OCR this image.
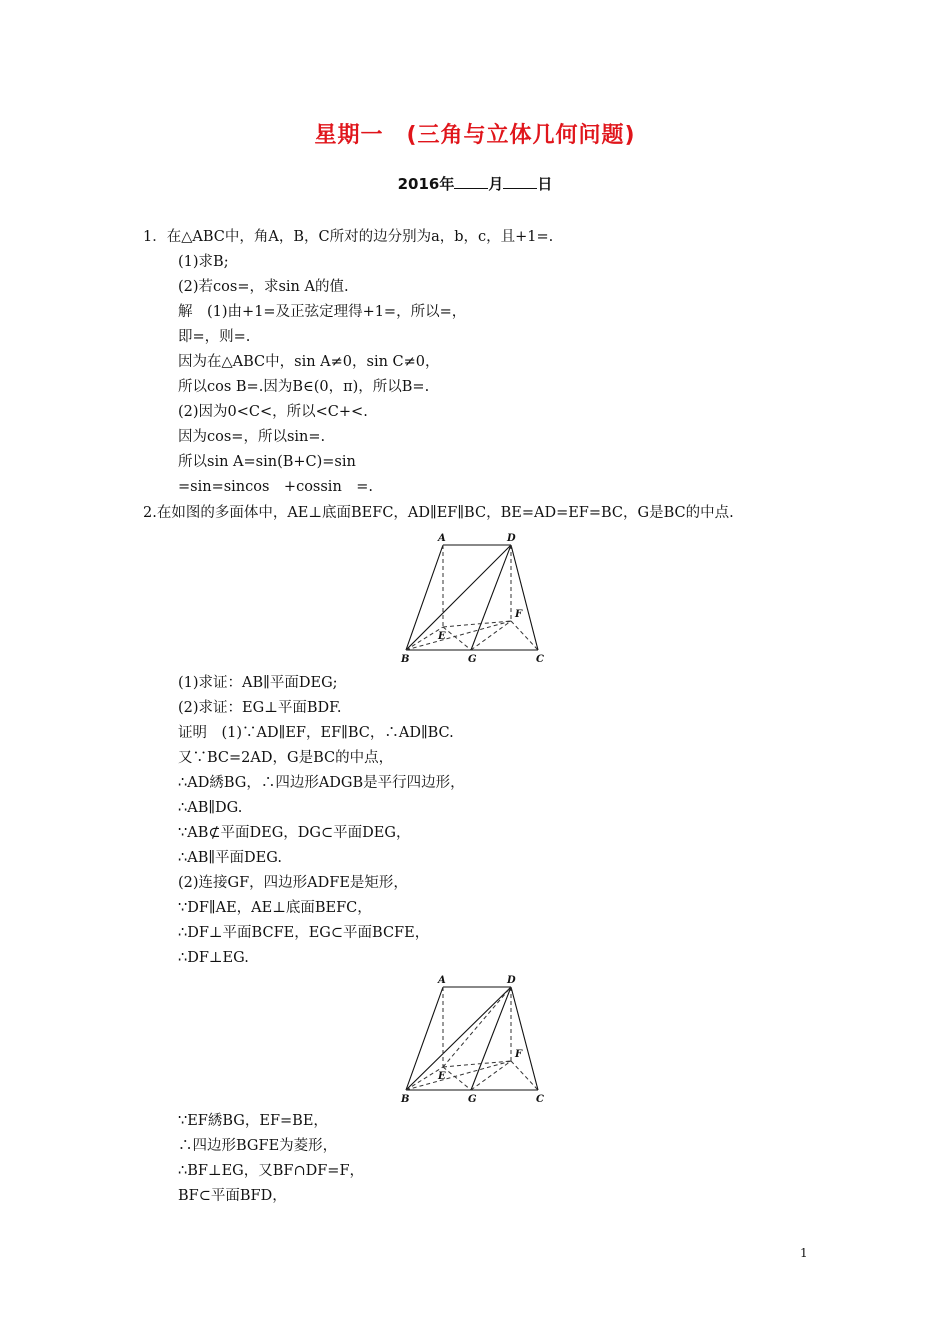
星期一　(三角与立体几何问题)
2016年 月 日
1．在△ABC中，角A，B，C所对的边分别为a，b，c，且+1=.
(1)求B;
(2)若cos=，求sin A的值.
解　(1)由+1=及正弦定理得+1=，所以=，
即=，则=.
因为在△ABC中，sin A≠0，sin C≠0，
所以cos B=.因为B∈(0，π)，所以B=.
(2)因为0<C<，所以<C+<.
因为cos=，所以sin=.
所以sin A=sin(B+C)=sin
=sin=sincos　+cossin　=.
2.在如图的多面体中，AE⊥底面BEFC，AD∥EF∥BC，BE=AD=EF=BC，G是BC的中点.
A	D
F
E
B	G	C
(1)求证：AB∥平面DEG;
(2)求证：EG⊥平面BDF.
证明　(1)∵AD∥EF，EF∥BC，∴AD∥BC.
又∵BC=2AD，G是BC的中点，
∴AD綉BG，∴四边形ADGB是平行四边形，
∴AB∥DG.
∵AB⊄平面DEG，DG⊂平面DEG，
∴AB∥平面DEG.
(2)连接GF，四边形ADFE是矩形，
∵DF∥AE，AE⊥底面BEFC，
∴DF⊥平面BCFE，EG⊂平面BCFE，
∴DF⊥EG.
A	D
F
E
B	G	C
∵EF綉BG，EF=BE，
∴四边形BGFE为菱形，
∴BF⊥EG，又BF∩DF=F，
BF⊂平面BFD，
1
